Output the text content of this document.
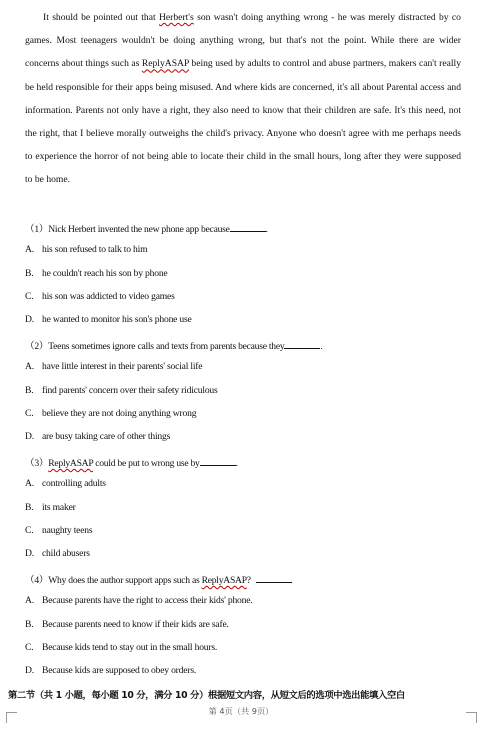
It should be pointed out that Herbert's son wasn't doing anything wrong - he was merely distracted by co games. Most teenagers wouldn't be doing anything wrong, but that's not the point. While there are wider concerns about things such as ReplyASAP being used by adults to control and abuse partners, makers can't really be held responsible for their apps being misused. And where kids are concerned, it's all about Parental access and information. Parents not only have a right, they also need to know that their children are safe. It's this need, not the right, that I believe morally outweighs the child's privacy. Anyone who doesn't agree with me perhaps needs to experience the horror of not being able to locate their child in the small hours, long after they were supposed to be home.

（1）Nick Herbert invented the new phone app because	.

A. his son refused to talk to him

B. he couldn't reach his son by phone

C. his son was addicted to video games

D. he wanted to monitor his son's phone use

（2）Teens sometimes ignore calls and texts from parents because they	.

A. have little interest in their parents' social life

B. find parents' concern over their safety ridiculous

C. believe they are not doing anything wrong

D. are busy taking care of other things

（3）ReplyASAP could be put to wrong use by	.

A. controlling adults

B. its maker

C. naughty teens

D. child abusers

（4）Why does the author support apps such as ReplyASAP?

A. Because parents have the right to access their kids' phone.

B. Because parents need to know if their kids are safe.

C. Because kids tend to stay out in the small hours.

D. Because kids are supposed to obey orders.

第二节（共 1 小题，每小题 10 分，满分 10 分）根据短文内容，从短文后的选项中选出能填入空白

第 4页（共 9页）
